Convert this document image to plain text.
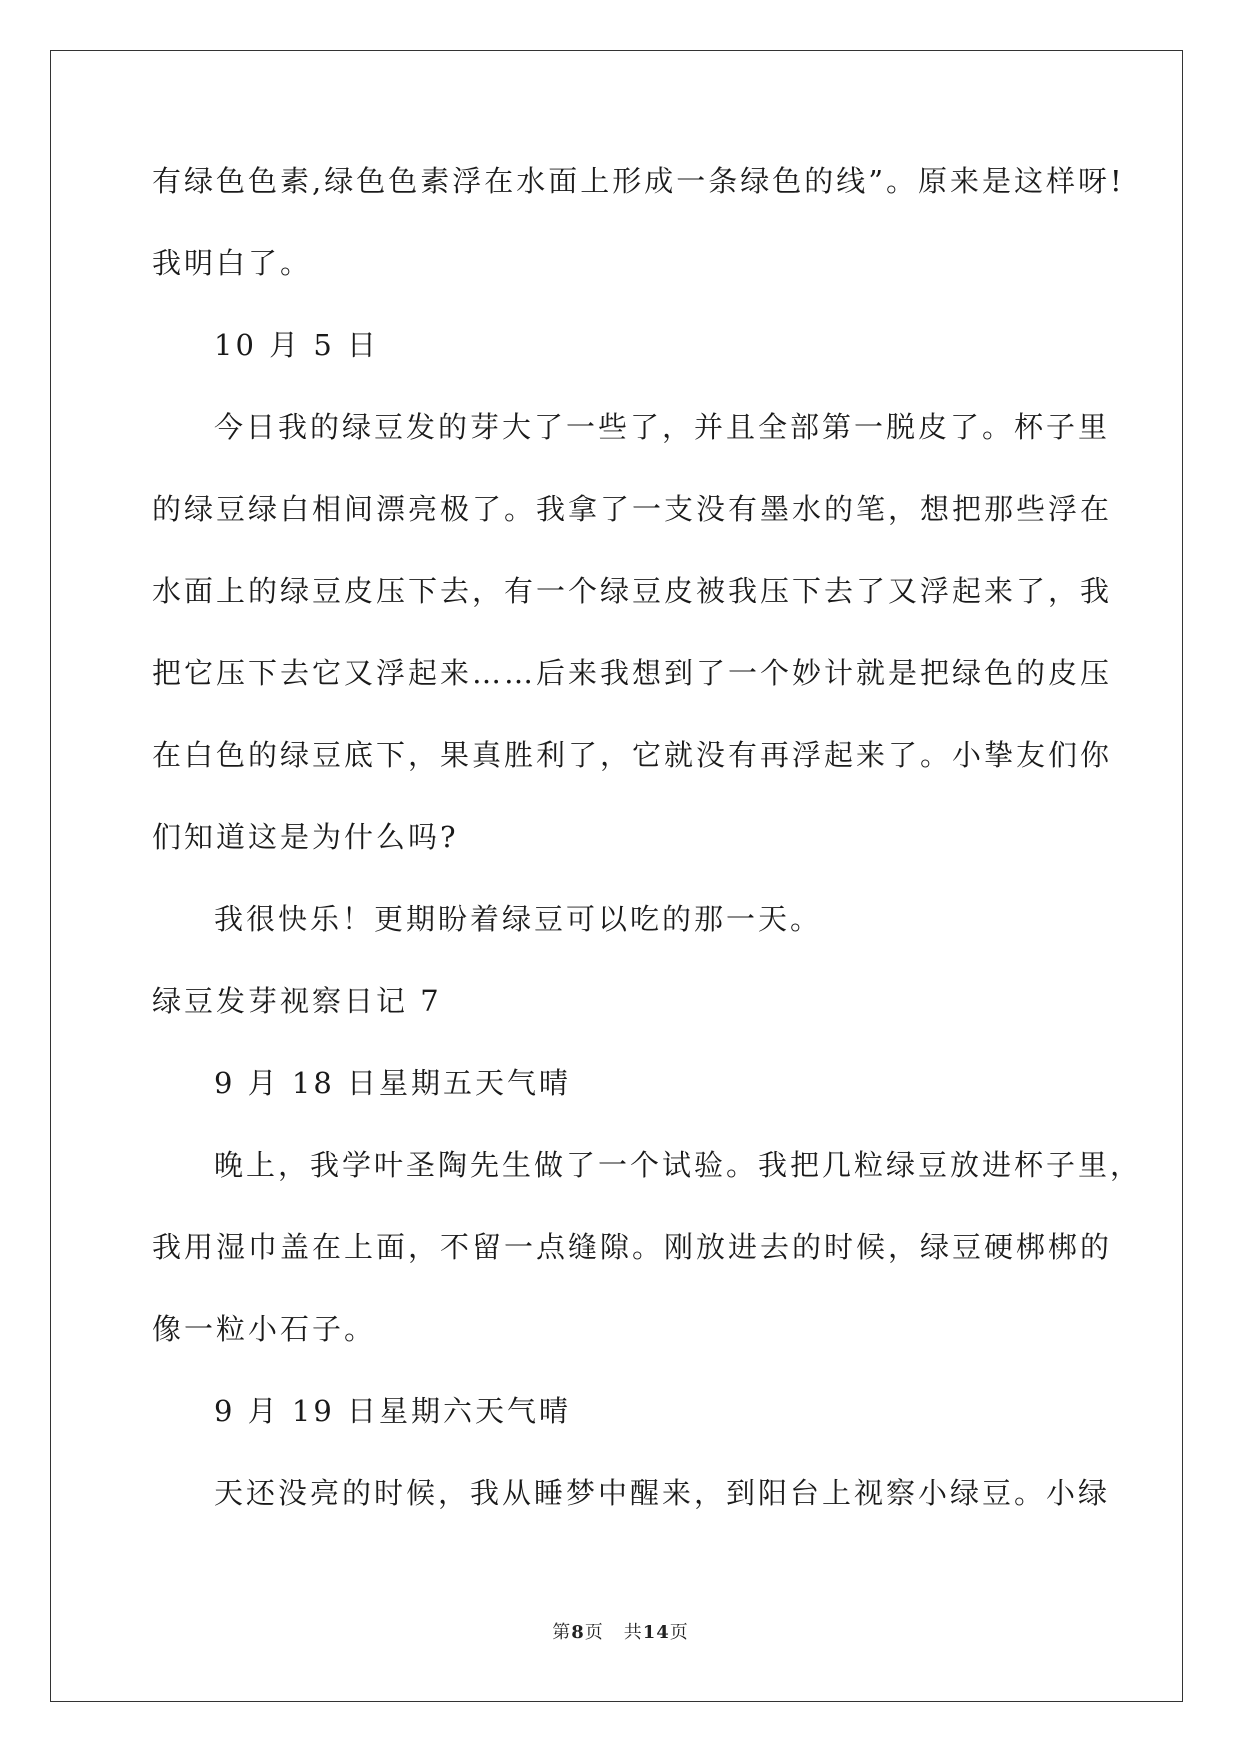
有绿色色素,绿色色素浮在水面上形成一条绿色的线”。原来是这样呀!
我明白了。
10 月 5 日
今日我的绿豆发的芽大了一些了，并且全部第一脱皮了。杯子里
的绿豆绿白相间漂亮极了。我拿了一支没有墨水的笔，想把那些浮在
水面上的绿豆皮压下去，有一个绿豆皮被我压下去了又浮起来了，我
把它压下去它又浮起来……后来我想到了一个妙计就是把绿色的皮压
在白色的绿豆底下，果真胜利了，它就没有再浮起来了。小挚友们你
们知道这是为什么吗?
我很快乐！更期盼着绿豆可以吃的那一天。
绿豆发芽视察日记 7
9 月 18 日星期五天气晴
晚上，我学叶圣陶先生做了一个试验。我把几粒绿豆放进杯子里，
我用湿巾盖在上面，不留一点缝隙。刚放进去的时候，绿豆硬梆梆的
像一粒小石子。
9 月 19 日星期六天气晴
天还没亮的时候，我从睡梦中醒来，到阳台上视察小绿豆。小绿
第8页 共14页
